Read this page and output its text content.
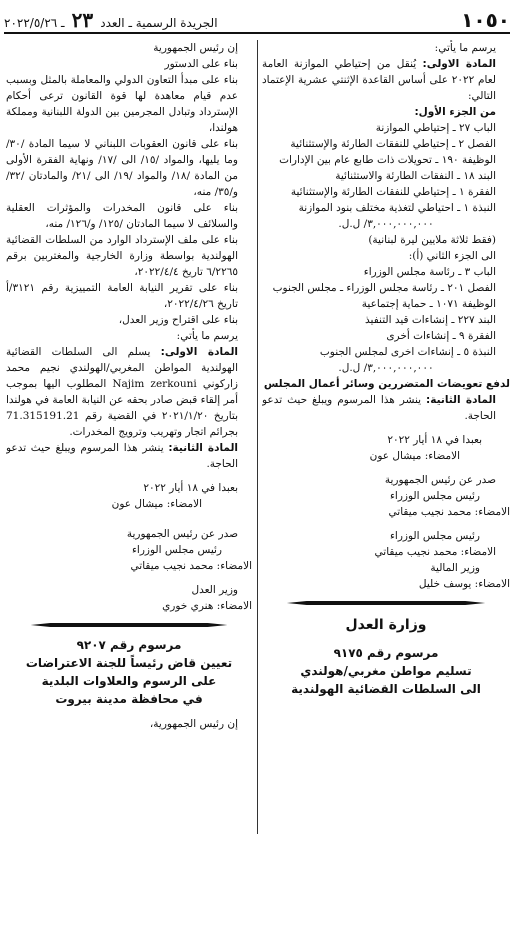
١٠٥٠
الجريدة الرسمية ـ العدد ٢٣ ـ ٢٠٢٢/٥/٢٦

يرسم ما يأتي:

المادة الاولى: يُنقل من إحتياطي الموازنة العامة لعام ٢٠٢٢ على أساس القاعدة الإثنتي عشرية الإعتماد التالي:

من الجزء الأول:

الباب ٢٧ ـ إحتياطي الموازنة

الفصل ٢ ـ إحتياطي للنفقات الطارئة والإستثنائية

الوظيفة ١٩٠ ـ تحويلات ذات طابع عام بين الإدارات

البند ١٨ ـ النفقات الطارئة والاستثنائية

الفقرة ١ ـ إحتياطي للنفقات الطارئة والإستثنائية

النبذة ١ ـ احتياطي لتغذية مختلف بنود الموازنة

٣,٠٠٠,٠٠٠,٠٠٠/ ل.ل.

(فقط ثلاثة ملايين ليرة لبنانية)

الى الجزء الثاني (أ):

الباب ٣ ـ رئاسة مجلس الوزراء

الفصل ٢٠١ ـ رئاسة مجلس الوزراء ـ مجلس الجنوب

الوظيفة ١٠٧١ ـ حماية إجتماعية

البند ٢٢٧ ـ إنشاءات قيد التنفيذ

الفقرة ٩ ـ إنشاءات أخرى

النبذة ٥ ـ إنشاءات اخرى لمجلس الجنوب

٣,٠٠٠,٠٠٠,٠٠٠/ ل.ل.

لدفع تعويضات المتضررين وسائر أعمال المجلس

المادة الثانية: ينشر هذا المرسوم ويبلغ حيث تدعو الحاجة.

بعبدا في ١٨ أيار ٢٠٢٢

الامضاء: ميشال عون

صدر عن رئيس الجمهورية

رئيس مجلس الوزراء

الامضاء: محمد نجيب ميقاتي

رئيس مجلس الوزراء

الامضاء: محمد نجيب ميقاتي

وزير المالية

الامضاء: يوسف خليل

وزارة العدل

مرسوم رقم ٩١٧٥

تسليم مواطن مغربي/هولندي

الى السلطات القضائية الهولندية

إن رئيس الجمهورية

بناء على الدستور

بناء على مبدأ التعاون الدولي والمعاملة بالمثل وبسبب عدم قيام معاهدة لها قوة القانون ترعى أحكام الإسترداد وتبادل المجرمين بين الدولة اللبنانية ومملكة هولندا،

بناء على قانون العقوبات اللبناني لا سيما المادة /٣٠/ وما يليها، والمواد /١٥/ الى /١٧/ ونهاية الفقرة الأولى من المادة /١٨/ والمواد /١٩/ الى /٢١/ والمادتان /٣٢/ و/٣٥/ منه،

بناء على قانون المخدرات والمؤثرات العقلية والسلائف لا سيما المادتان /١٢٥/ و/١٢٦/ منه،

بناء على ملف الإسترداد الوارد من السلطات القضائية الهولندية بواسطة وزارة الخارجية والمغتربين برقم ٦/٢٢٦٥ تاريخ ٢٠٢٢/٤/٤،

بناء على تقرير النيابة العامة التمييزية رقم ٣١٢١/أ تاريخ ٢٠٢٢/٤/٢٦،

بناء على اقتراح وزير العدل،

يرسم ما يأتي:

المادة الاولى: يسلم الى السلطات القضائية الهولندية المواطن المغربي/الهولندي نجيم محمد زاركوني Najim zerkouni المطلوب اليها بموجب أمر إلقاء قبض صادر بحقه عن النيابة العامة في هولندا بتاريخ ٢٠٢١/١/٢٠ في القضية رقم 71.315191.21 بجرائم اتجار وتهريب وترويج المخدرات.

المادة الثانية: ينشر هذا المرسوم ويبلغ حيث تدعو الحاجة.

بعبدا في ١٨ أيار ٢٠٢٢

الامضاء: ميشال عون

صدر عن رئيس الجمهورية

رئيس مجلس الوزراء

الامضاء: محمد نجيب ميقاتي

وزير العدل

الامضاء: هنري خوري

مرسوم رقم ٩٢٠٧

تعيين قاض رئيساً للجنة الاعتراضات

على الرسوم والعلاوات البلدية

في محافظة مدينة بيروت

إن رئيس الجمهورية،
